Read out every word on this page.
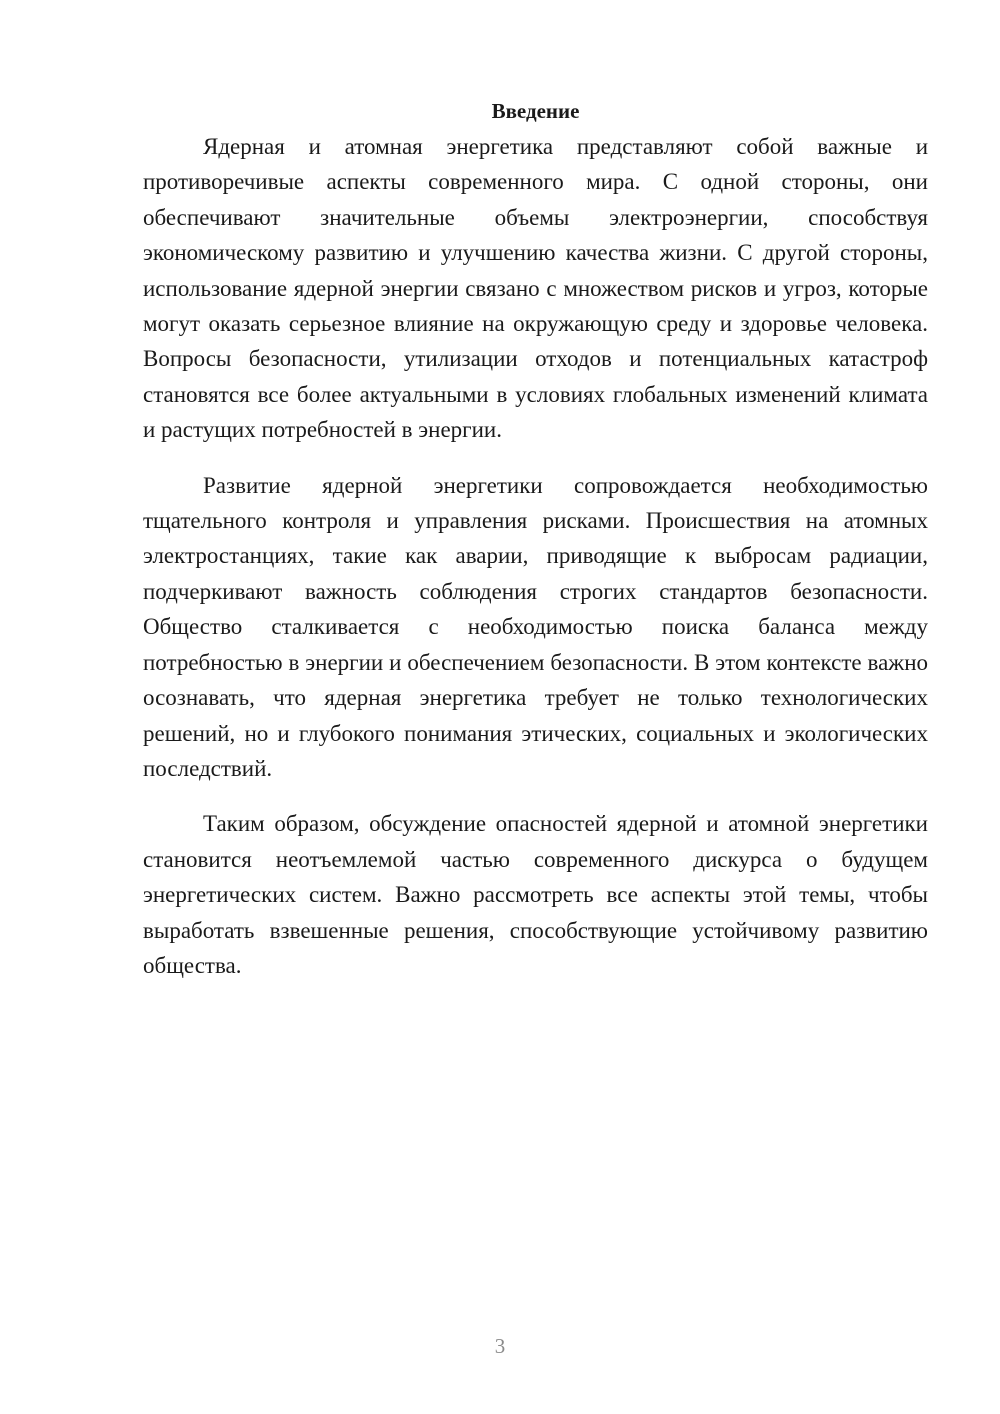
Введение

Ядерная и атомная энергетика представляют собой важные и противоречивые аспекты современного мира. С одной стороны, они обеспечивают значительные объемы электроэнергии, способствуя экономическому развитию и улучшению качества жизни. С другой стороны, использование ядерной энергии связано с множеством рисков и угроз, которые могут оказать серьезное влияние на окружающую среду и здоровье человека. Вопросы безопасности, утилизации отходов и потенциальных катастроф становятся все более актуальными в условиях глобальных изменений климата и растущих потребностей в энергии.

Развитие ядерной энергетики сопровождается необходимостью тщательного контроля и управления рисками. Происшествия на атомных электростанциях, такие как аварии, приводящие к выбросам радиации, подчеркивают важность соблюдения строгих стандартов безопасности. Общество сталкивается с необходимостью поиска баланса между потребностью в энергии и обеспечением безопасности. В этом контексте важно осознавать, что ядерная энергетика требует не только технологических решений, но и глубокого понимания этических, социальных и экологических последствий.

Таким образом, обсуждение опасностей ядерной и атомной энергетики становится неотъемлемой частью современного дискурса о будущем энергетических систем. Важно рассмотреть все аспекты этой темы, чтобы выработать взвешенные решения, способствующие устойчивому развитию общества.

3
